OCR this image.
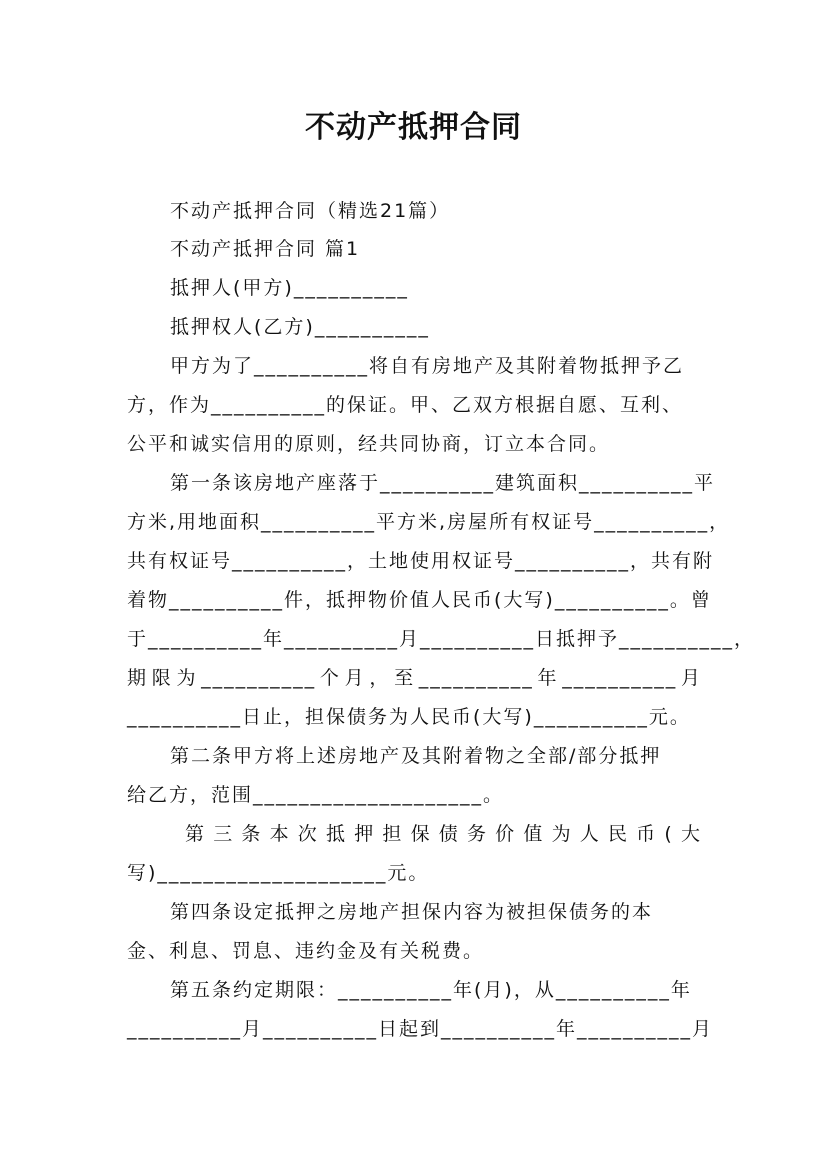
不动产抵押合同
不动产抵押合同（精选21篇）
不动产抵押合同 篇1
抵押人(甲方)__________
抵押权人(乙方)__________
甲方为了__________将自有房地产及其附着物抵押予乙
方，作为__________的保证。甲、乙双方根据自愿、互利、
公平和诚实信用的原则，经共同协商，订立本合同。
第一条该房地产座落于__________建筑面积__________平
方米,用地面积__________平方米,房屋所有权证号__________，
共有权证号__________，土地使用权证号__________，共有附
着物__________件，抵押物价值人民币(大写)__________。曾
于__________年__________月__________日抵押予__________，
期限为__________个月，至__________年__________月
__________日止，担保债务为人民币(大写)__________元。
第二条甲方将上述房地产及其附着物之全部/部分抵押
给乙方，范围____________________。
第三条本次抵押担保债务价值为人民币(大
写)____________________元。
第四条设定抵押之房地产担保内容为被担保债务的本
金、利息、罚息、违约金及有关税费。
第五条约定期限：__________年(月)，从__________年
__________月__________日起到__________年__________月
